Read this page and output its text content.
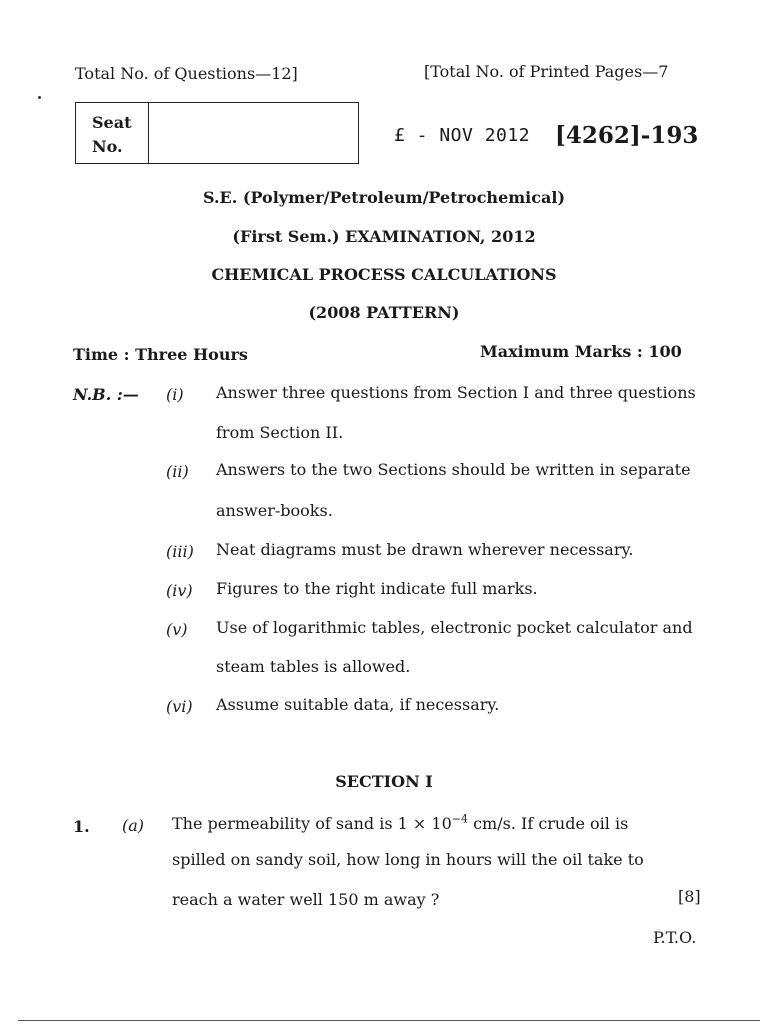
Total No. of Questions—12]	[Total No. of Printed Pages—7
Seat
No.
£ - NOV 2012 [4262]-193
S.E. (Polymer/Petroleum/Petrochemical)
(First Sem.) EXAMINATION, 2012
CHEMICAL PROCESS CALCULATIONS
(2008 PATTERN)
Time : Three Hours	Maximum Marks : 100
N.B. :— (i) Answer three questions from Section I and three questions
from Section II.
(ii) Answers to the two Sections should be written in separate
answer-books.
(iii) Neat diagrams must be drawn wherever necessary.
(iv) Figures to the right indicate full marks.
(v) Use of logarithmic tables, electronic pocket calculator and
steam tables is allowed.
(vi) Assume suitable data, if necessary.
SECTION I
1. (a) The permeability of sand is $1 \times 10^{-4}$ cm/s. If crude oil is
spilled on sandy soil, how long in hours will the oil take to
reach a water well 150 m away ?	[8]
P.T.O.
